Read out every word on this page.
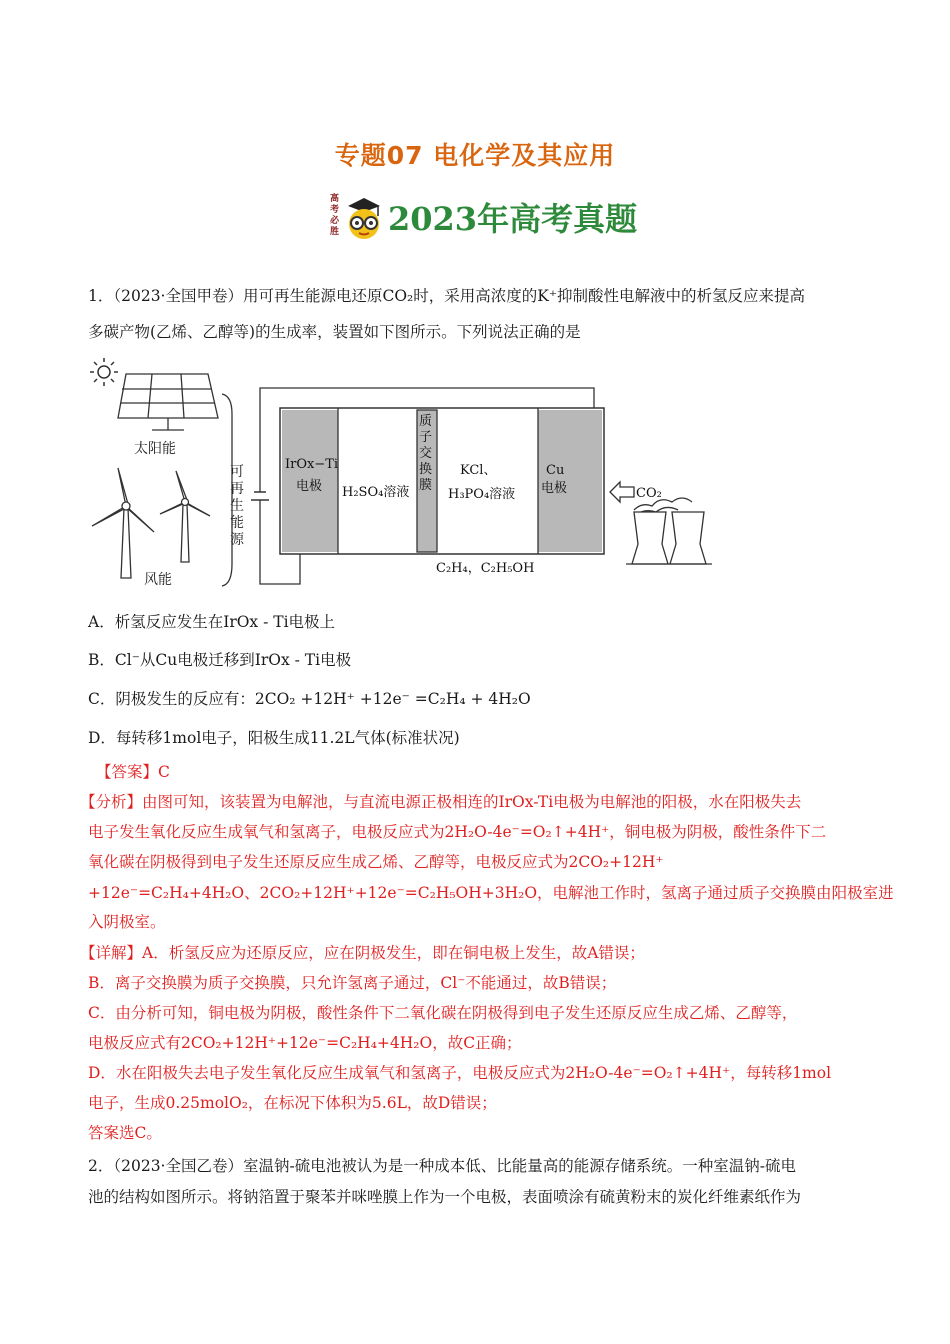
专题07 电化学及其应用
高考必胜 2023年高考真题
1．（2023·全国甲卷）用可再生能源电还原CO₂时，采用高浓度的K⁺抑制酸性电解液中的析氢反应来提高
多碳产物(乙烯、乙醇等)的生成率，装置如下图所示。下列说法正确的是
太阳能
风能
IrOx−Ti
电极 H₂SO₄溶液
KCl、
H₃PO₄溶液
Cu
电极
C₂H₄，C₂H₅OH
CO₂
可再生能源
质子交换膜
A．析氢反应发生在IrOx - Ti电极上
B．Cl⁻从Cu电极迁移到IrOx - Ti电极
C．阴极发生的反应有：2CO₂ +12H⁺ +12e⁻ =C₂H₄ + 4H₂O
D．每转移1mol电子，阳极生成11.2L气体(标准状况)
【答案】C
【分析】由图可知，该装置为电解池，与直流电源正极相连的IrOx-Ti电极为电解池的阳极，水在阳极失去
电子发生氧化反应生成氧气和氢离子，电极反应式为2H₂O-4e⁻=O₂↑+4H⁺，铜电极为阴极，酸性条件下二
氧化碳在阴极得到电子发生还原反应生成乙烯、乙醇等，电极反应式为2CO₂+12H⁺
+12e⁻=C₂H₄+4H₂O、2CO₂+12H⁺+12e⁻=C₂H₅OH+3H₂O，电解池工作时，氢离子通过质子交换膜由阳极室进
入阴极室。
【详解】A．析氢反应为还原反应，应在阴极发生，即在铜电极上发生，故A错误；
B．离子交换膜为质子交换膜，只允许氢离子通过，Cl⁻不能通过，故B错误；
C．由分析可知，铜电极为阴极，酸性条件下二氧化碳在阴极得到电子发生还原反应生成乙烯、乙醇等，
电极反应式有2CO₂+12H⁺+12e⁻=C₂H₄+4H₂O，故C正确；
D．水在阳极失去电子发生氧化反应生成氧气和氢离子，电极反应式为2H₂O-4e⁻=O₂↑+4H⁺，每转移1mol
电子，生成0.25molO₂，在标况下体积为5.6L，故D错误；
答案选C。
2．（2023·全国乙卷）室温钠-硫电池被认为是一种成本低、比能量高的能源存储系统。一种室温钠-硫电
池的结构如图所示。将钠箔置于聚苯并咪唑膜上作为一个电极，表面喷涂有硫黄粉末的炭化纤维素纸作为
